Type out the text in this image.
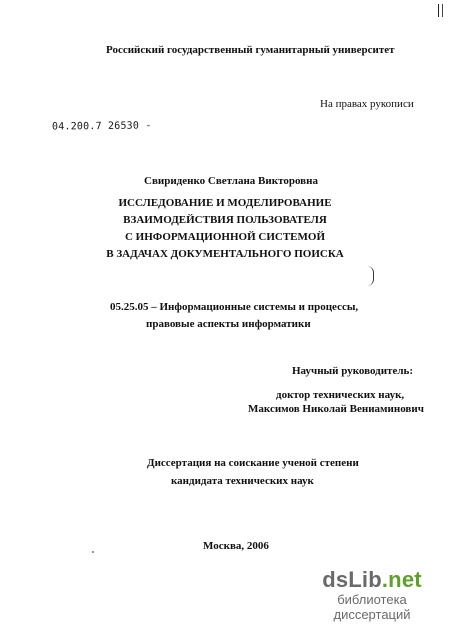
Российский государственный гуманитарный университет
На правах рукописи
04.200.7 26530 -
Свириденко Светлана Викторовна
ИССЛЕДОВАНИЕ И МОДЕЛИРОВАНИЕ
ВЗАИМОДЕЙСТВИЯ ПОЛЬЗОВАТЕЛЯ
С ИНФОРМАЦИОННОЙ СИСТЕМОЙ
В ЗАДАЧАХ ДОКУМЕНТАЛЬНОГО ПОИСКА
05.25.05 – Информационные системы и процессы,
правовые аспекты информатики
Научный руководитель:
доктор технических наук,
Максимов Николай Вениаминович
Диссертация на соискание ученой степени
кандидата технических наук
Москва, 2006
dsLib.net
библиотека диссертаций
